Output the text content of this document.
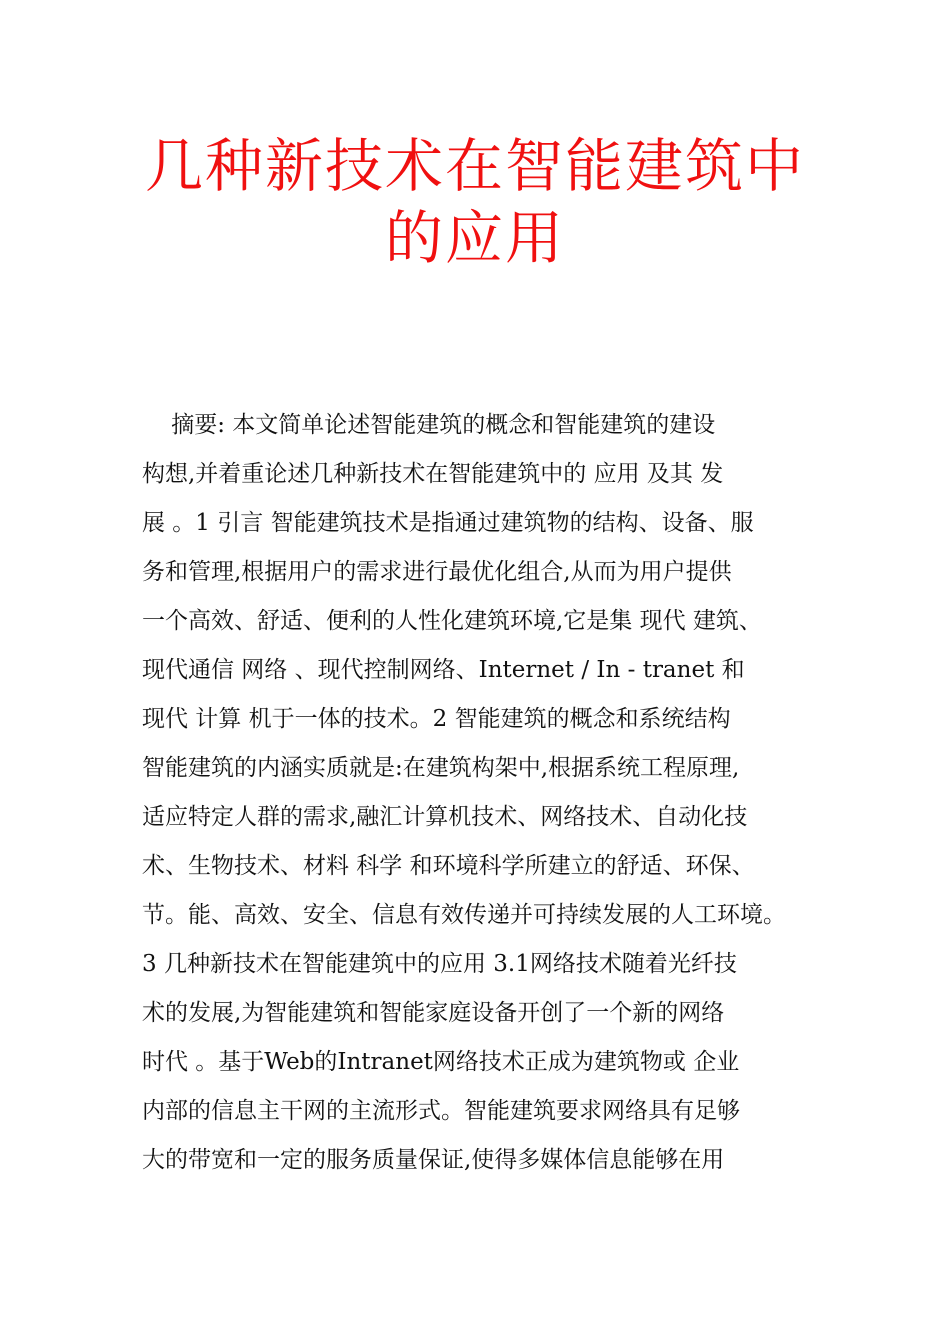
几种新技术在智能建筑中
的应用

摘要: 本文简单论述智能建筑的概念和智能建筑的建设

构想,并着重论述几种新技术在智能建筑中的 应用 及其 发

展 。1 引言 智能建筑技术是指通过建筑物的结构、设备、服

务和管理,根据用户的需求进行最优化组合,从而为用户提供

一个高效、舒适、便利的人性化建筑环境,它是集 现代 建筑、

现代通信 网络 、现代控制网络、Internet / In - tranet 和

现代 计算 机于一体的技术。2 智能建筑的概念和系统结构

智能建筑的内涵实质就是:在建筑构架中,根据系统工程原理,

适应特定人群的需求,融汇计算机技术、网络技术、自动化技

术、生物技术、材料 科学 和环境科学所建立的舒适、环保、

节。能、高效、安全、信息有效传递并可持续发展的人工环境。

3 几种新技术在智能建筑中的应用 3.1网络技术随着光纤技

术的发展,为智能建筑和智能家庭设备开创了一个新的网络

时代 。基于Web的Intranet网络技术正成为建筑物或 企业

内部的信息主干网的主流形式。智能建筑要求网络具有足够

大的带宽和一定的服务质量保证,使得多媒体信息能够在用
